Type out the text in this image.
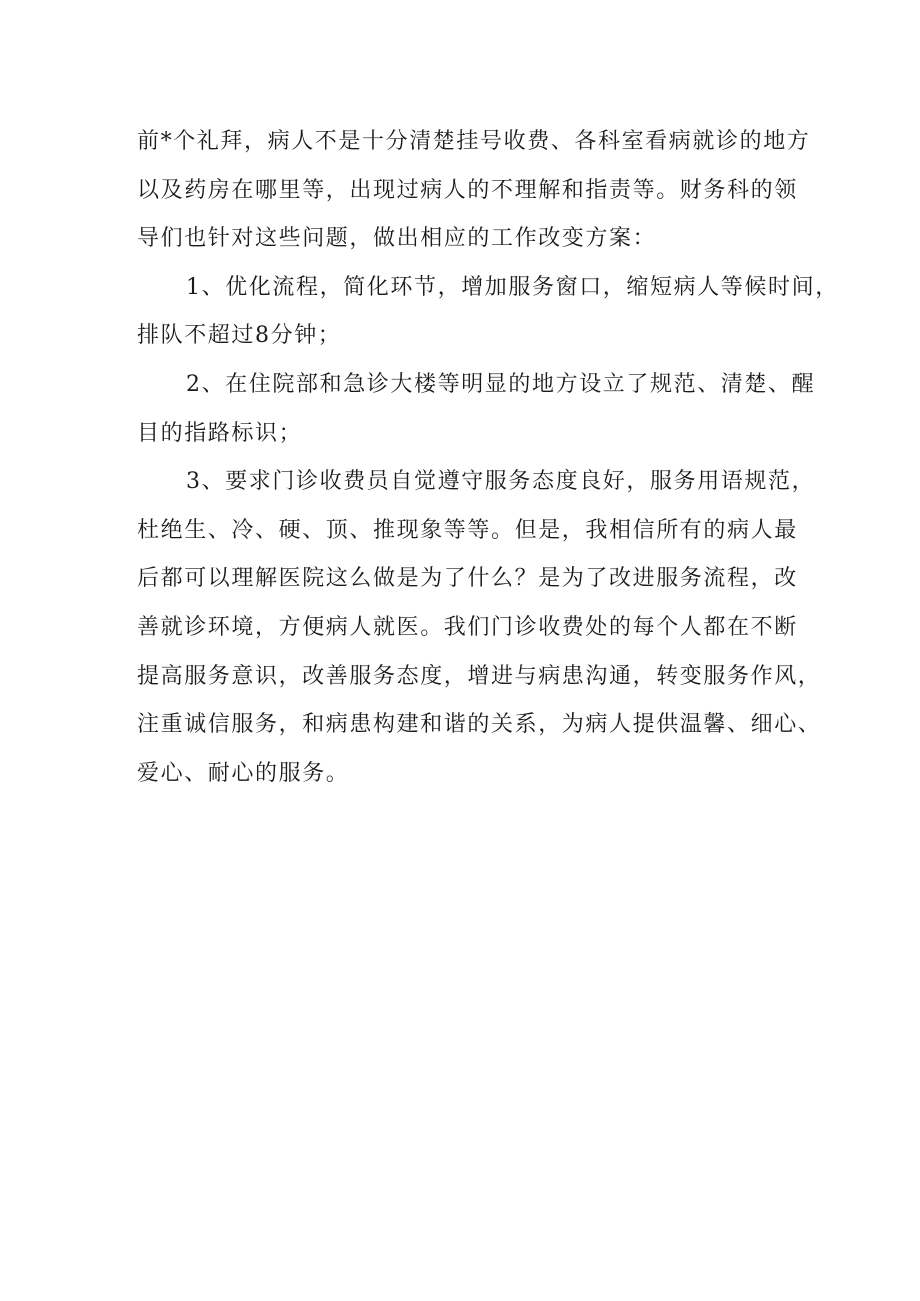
前*个礼拜，病人不是十分清楚挂号收费、各科室看病就诊的地方
以及药房在哪里等，出现过病人的不理解和指责等。财务科的领
导们也针对这些问题，做出相应的工作改变方案：
1、优化流程，简化环节，增加服务窗口，缩短病人等候时间，
排队不超过8分钟；
2、在住院部和急诊大楼等明显的地方设立了规范、清楚、醒
目的指路标识；
3、要求门诊收费员自觉遵守服务态度良好，服务用语规范，
杜绝生、冷、硬、顶、推现象等等。但是，我相信所有的病人最
后都可以理解医院这么做是为了什么？是为了改进服务流程，改
善就诊环境，方便病人就医。我们门诊收费处的每个人都在不断
提高服务意识，改善服务态度，增进与病患沟通，转变服务作风，
注重诚信服务，和病患构建和谐的关系，为病人提供温馨、细心、
爱心、耐心的服务。
